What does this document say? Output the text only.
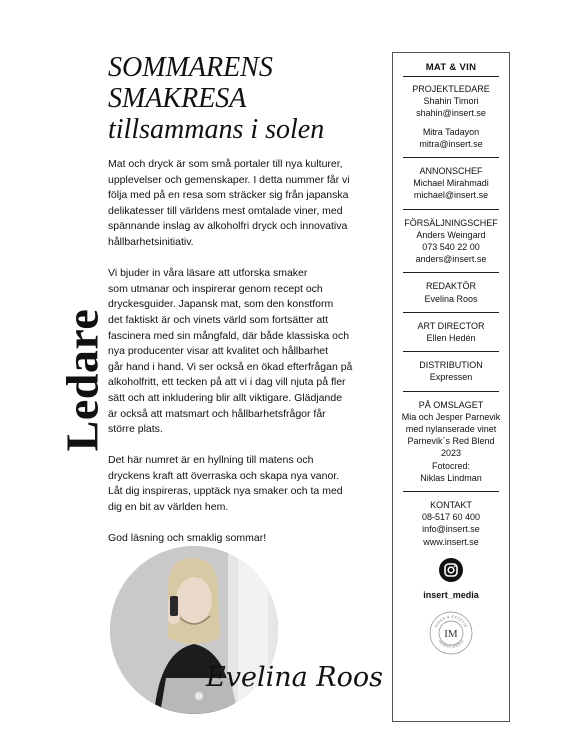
Ledare
SOMMARENS
SMAKRESA
tillsammans i solen

Mat och dryck är som små portaler till nya kulturer,
upplevelser och gemenskaper. I detta nummer får vi
följa med på en resa som sträcker sig från japanska
delikatesser till världens mest omtalade viner, med
spännande inslag av alkoholfri dryck och innovativa
hållbarhetsinitiativ.

Vi bjuder in våra läsare att utforska smaker
som utmanar och inspirerar genom recept och
dryckesguider. Japansk mat, som den konstform
det faktiskt är och vinets värld som fortsätter att
fascinera med sin mångfald, där både klassiska och
nya producenter visar att kvalitet och hållbarhet
går hand i hand. Vi ser också en ökad efterfrågan på
alkoholfritt, ett tecken på att vi i dag vill njuta på fler
sätt och att inkludering blir allt viktigare. Glädjande
är också att matsmart och hållbarhetsfrågor får
större plats.

Det här numret är en hyllning till matens och
dryckens kraft att överraska och skapa nya vanor.
Låt dig inspireras, upptäck nya smaker och ta med
dig en bit av världen hem.

God läsning och smaklig sommar!

Evelina Roos
MAT & VIN
PROJEKTLEDARE
Shahin Timori
shahin@insert.se
Mitra Tadayon
mitra@insert.se
ANNONSCHEF
Michael Mirahmadi
michael@insert.se
FÖRSÄLJNINGSCHEF
Anders Weingard
073 540 22 00
anders@insert.se
REDAKTÖR
Evelina Roos
ART DIRECTOR
Ellen Hedén
DISTRIBUTION
Expressen
PÅ OMSLAGET
Mia och Jesper Parnevik
med nylanserade vinet
Parnevik´s Red Blend
2023
Fotocred:
Niklas Lindman
KONTAKT
08-517 60 400
info@insert.se
www.insert.se
insert_media
SIDEN & ESTETIK
INSERT MEDIA
IM
